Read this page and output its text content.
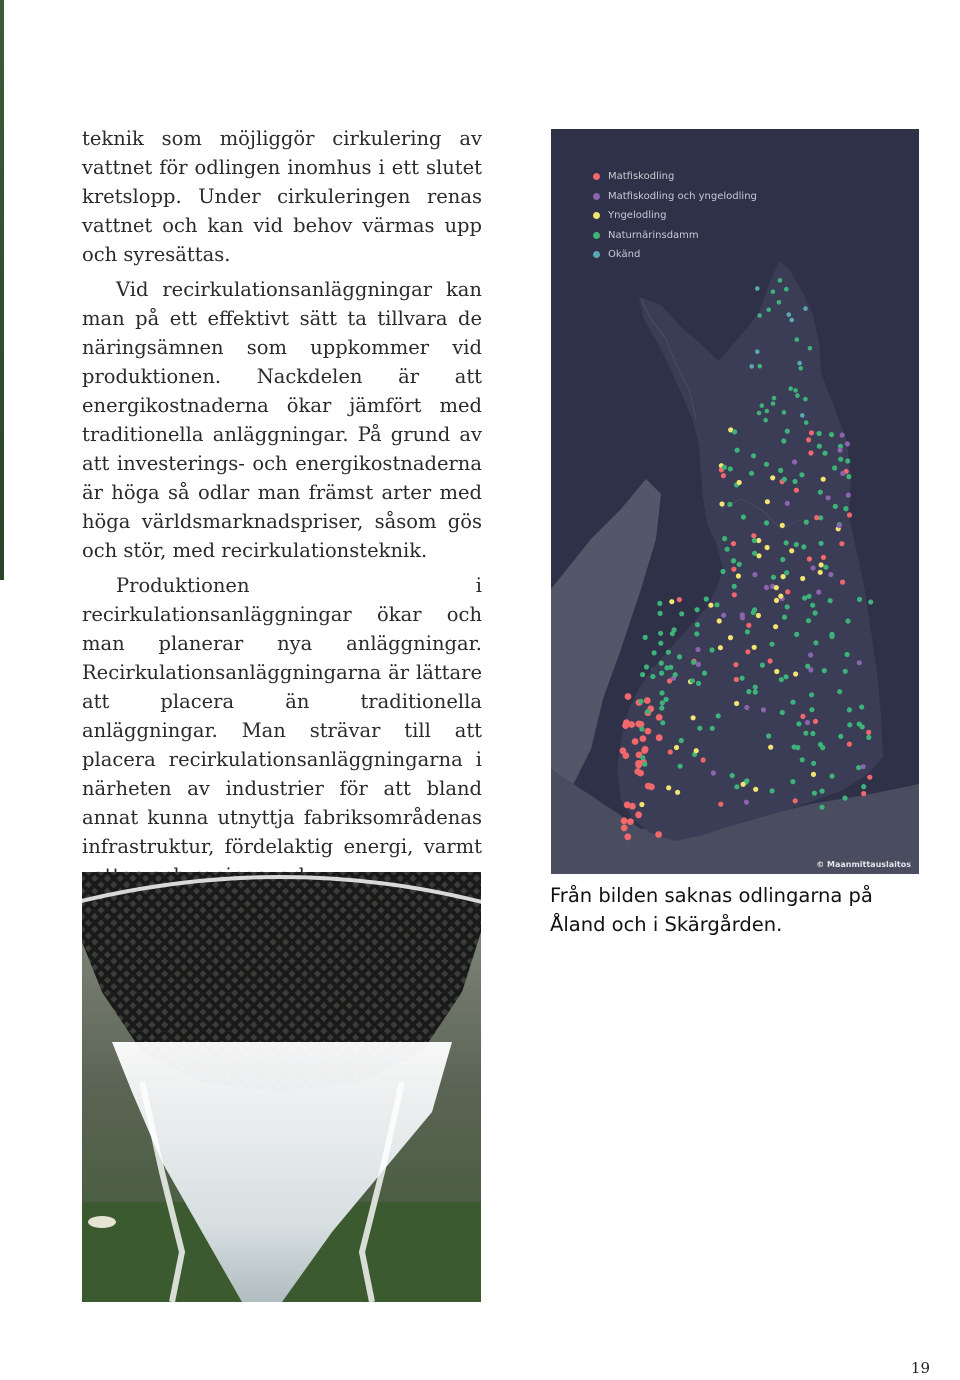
teknik som möjliggör cirkulering av vattnet för odlingen inomhus i ett slutet kretslopp. Under cirkuleringen renas vattnet och kan vid behov värmas upp och syresättas.

Vid recirkulationsanläggningar kan man på ett effektivt sätt ta tillvara de näringsämnen som uppkommer vid produktionen. Nackdelen är att energikostnaderna ökar jämfört med traditionella anläggningar. På grund av att investerings- och energikostnaderna är höga så odlar man främst arter med höga världsmarknadspriser, såsom gös och stör, med recirkulationsteknik.

Produktionen i recirkulationsanläggningar ökar och man planerar nya anläggningar. Recirkulationsanläggningarna är lättare att placera än traditionella anläggningar. Man strävar till att placera recirkulationsanläggningarna i närheten av industrier för att bland annat kunna utnyttja fabriksområdenas infrastruktur, fördelaktig energi, varmt

Matfiskodling
Matfiskodling och yngelodling
Yngelodling
Naturnärinsdamm
Okänd
© Maanmittauslaitos
Från bilden saknas odlingarna på Åland och i Skärgården.
19
